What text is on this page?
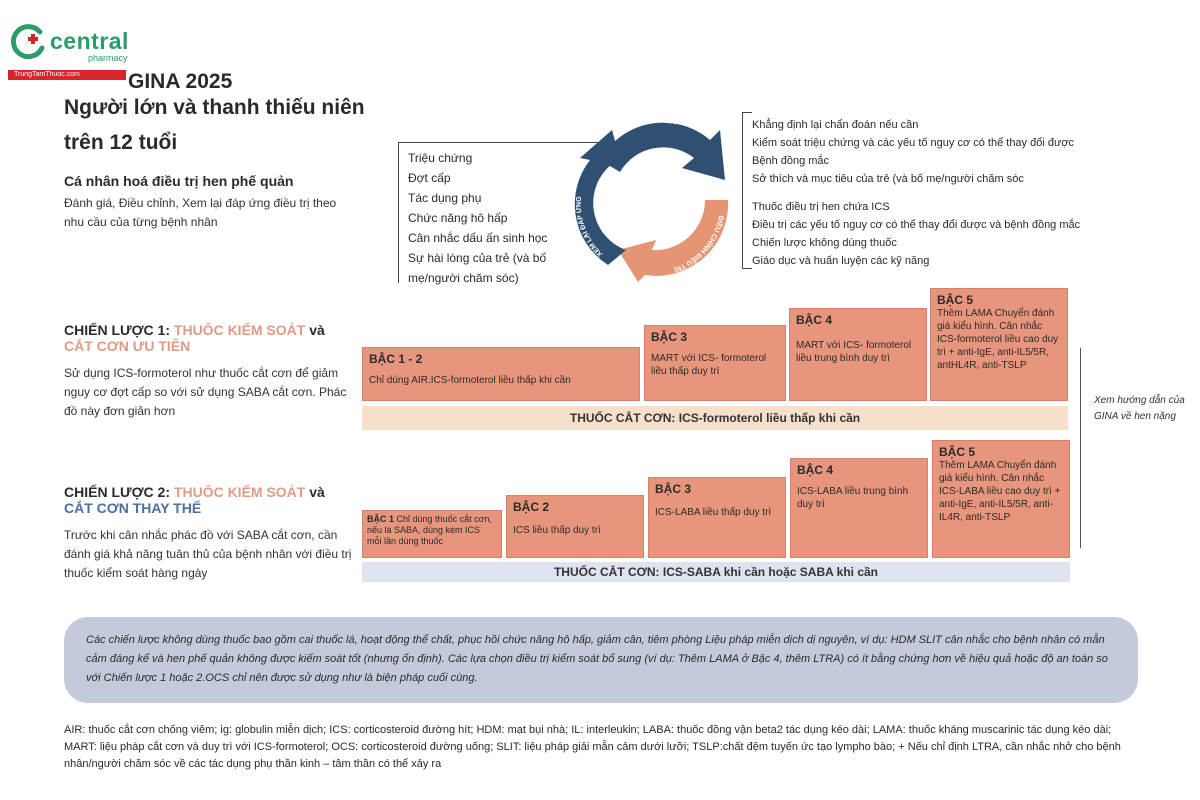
central
pharmacy
TrungTamThuoc.com	GINA 2025
Người lớn và thanh thiếu niên
trên 12 tuổi
Cá nhân hoá điều trị hen phế quản
Đánh giá, Điều chỉnh, Xem lại đáp ứng điều trị theo nhu cầu của từng bệnh nhân
ĐÁNH GIÁ
XEM LẠI ĐÁP ỨNG
ĐIỀU CHỈNH ĐIỀU TRỊ
Triệu chứng
Đợt cấp
Tác dụng phụ
Chức năng hô hấp
Cân nhắc dấu ấn sinh học
Sự hài lòng của trẻ (và bố mẹ/người chăm sóc)
Khẳng định lại chẩn đoán nếu cần
Kiểm soát triệu chứng và các yếu tố nguy cơ có thể thay đổi được
Bệnh đồng mắc
Sở thích và mục tiêu của trẻ (và bố mẹ/người chăm sóc
Thuốc điều trị hen chứa ICS
Điều trị các yếu tố nguy cơ có thể thay đổi được và bệnh đồng mắc
Chiến lược không dùng thuốc
Giáo dục và huấn luyện các kỹ năng
CHIẾN LƯỢC 1: THUỐC KIỂM SOÁT và
CẮT CƠN ƯU TIÊN
Sử dụng ICS-formoterol như thuốc cắt cơn để giảm nguy cơ đợt cấp so với sử dụng SABA cắt cơn. Phác đồ này đơn giản hơn
BẬC 1 - 2
Chỉ dùng AIR.ICS-formoterol liều thấp khi cần
BẬC 3
MART với ICS- formoterol liều thấp duy trì
BẬC 4
MART với ICS- formoterol liều trung bình duy trì
BẬC 5
Thêm LAMA Chuyển đánh giá kiểu hình. Cân nhắc ICS-formoterol liều cao duy trì + anti-IgE, anti-IL5/5R, antHL4R, anti-TSLP
THUỐC CẮT CƠN: ICS-formoterol liều thấp khi cần
Xem hướng dẫn của GINA về hen nặng
CHIẾN LƯỢC 2: THUỐC KIỂM SOÁT và
CẮT CƠN THAY THẾ
Trước khi cân nhắc phác đồ với SABA cắt cơn, cần đánh giá khả năng tuân thủ của bệnh nhân với điều trị thuốc kiểm soát hàng ngày
BẬC 1 Chỉ dùng thuốc cắt cơn, nếu là SABA, dùng kèm ICS mỗi lần dùng thuốc
BẬC 2
ICS liều thấp duy trì
BẬC 3
ICS-LABA liều thấp duy trì
BẬC 4
ICS-LABA liều trung bình duy trì
BẬC 5
Thêm LAMA Chuyển đánh giá kiểu hình. Cân nhắc ICS-LABA liều cao duy trì + anti-IgE, anti-IL5/5R, anti-IL4R, anti-TSLP
THUỐC CẮT CƠN: ICS-SABA khi cần hoặc SABA khi cần
Các chiến lược không dùng thuốc bao gồm cai thuốc lá, hoạt động thể chất, phục hồi chức năng hô hấp, giảm cân, tiêm phòng Liệu pháp miễn dịch dị nguyên, ví dụ: HDM SLIT cân nhắc cho bệnh nhân có mẫn cảm đáng kể và hen phế quản không được kiểm soát tốt (nhưng ổn định). Các lựa chọn điều trị kiểm soát bổ sung (ví dụ: Thêm LAMA ở Bậc 4, thêm LTRA) có ít bằng chứng hơn về hiệu quả hoặc độ an toàn so với Chiến lược 1 hoặc 2.OCS chỉ nên được sử dụng như là biện pháp cuối cùng.
AIR: thuốc cắt cơn chống viêm; ig: globulin miễn dịch; ICS: corticosteroid đường hít; HDM: mạt bụi nhà; IL: interleukin; LABA: thuốc đồng vận beta2 tác dụng kéo dài; LAMA: thuốc kháng muscarinic tác dụng kéo dài; MART: liệu pháp cắt cơn và duy trì với ICS-formoterol; OCS: corticosteroid đường uống; SLIT: liệu pháp giải mẫn cảm dưới lưỡi; TSLP:chất đệm tuyến ức tạo lympho bào; + Nếu chỉ định LTRA, cần nhắc nhở cho bệnh nhân/người chăm sóc về các tác dụng phụ thần kinh – tâm thần có thể xảy ra
